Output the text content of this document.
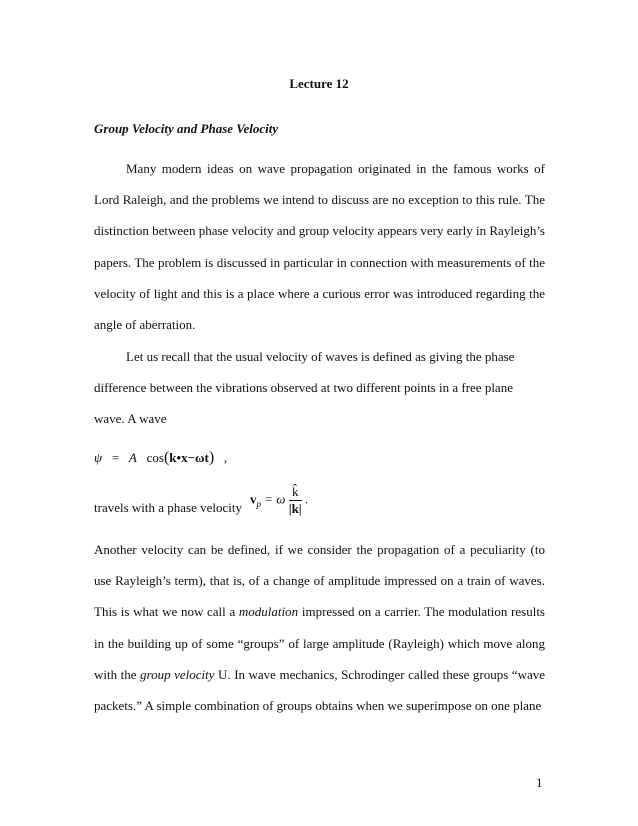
Lecture 12
Group Velocity and Phase Velocity

Many modern ideas on wave propagation originated in the famous works of Lord Raleigh, and the problems we intend to discuss are no exception to this rule. The distinction between phase velocity and group velocity appears very early in Rayleigh’s papers. The problem is discussed in particular in connection with measurements of the velocity of light and this is a place where a curious error was introduced regarding the angle of aberration.

Let us recall that the usual velocity of waves is defined as giving the phase difference between the vibrations observed at two different points in a free plane wave. A wave

ψ = A cos(k•x−ωt) ,
travels with a phase velocity
$v_p = \omega \frac{k̂}{|k|}$ .

Another velocity can be defined, if we consider the propagation of a peculiarity (to use Rayleigh’s term), that is, of a change of amplitude impressed on a train of waves. This is what we now call a modulation impressed on a carrier. The modulation results in the building up of some “groups” of large amplitude (Rayleigh) which move along with the group velocity U. In wave mechanics, Schrodinger called these groups “wave packets.” A simple combination of groups obtains when we superimpose on one plane

1
